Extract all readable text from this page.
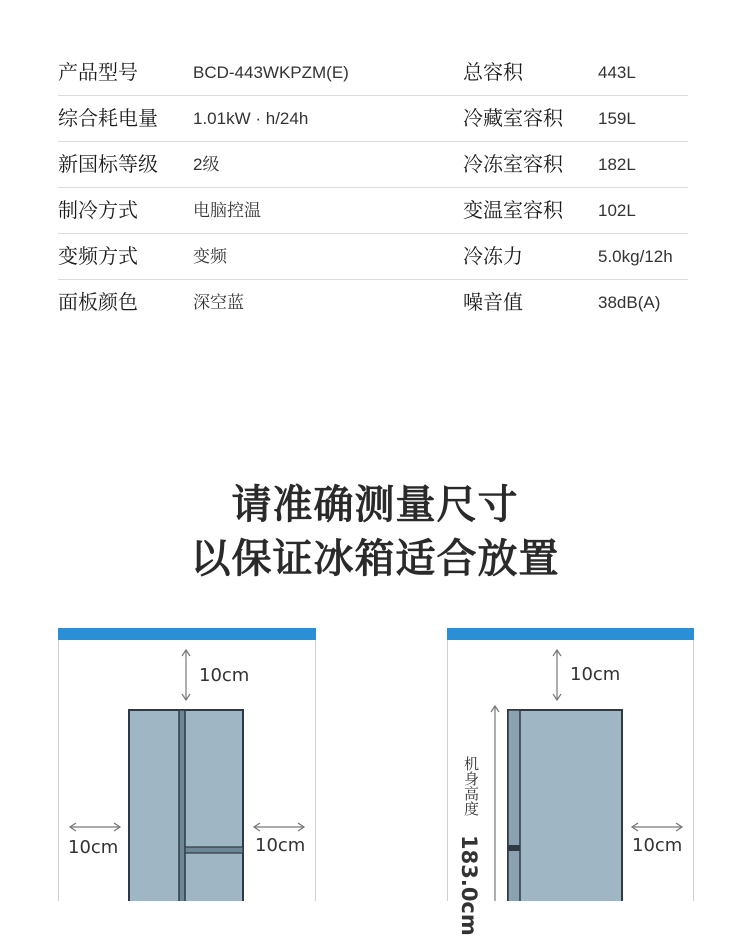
产品型号	BCD-443WKPZM(E)	总容积	443L
综合耗电量 1.01kW · h/24h	冷藏室容积 159L
新国标等级 2级	冷冻室容积 182L
制冷方式	电脑控温	变温室容积 102L
变频方式	变频	冷冻力	5.0kg/12h
面板颜色	深空蓝	噪音值	38dB(A)
请准确测量尺寸
以保证冰箱适合放置
10cm
10cm	10cm
10cm
10cm
机身高度
183.0cm
